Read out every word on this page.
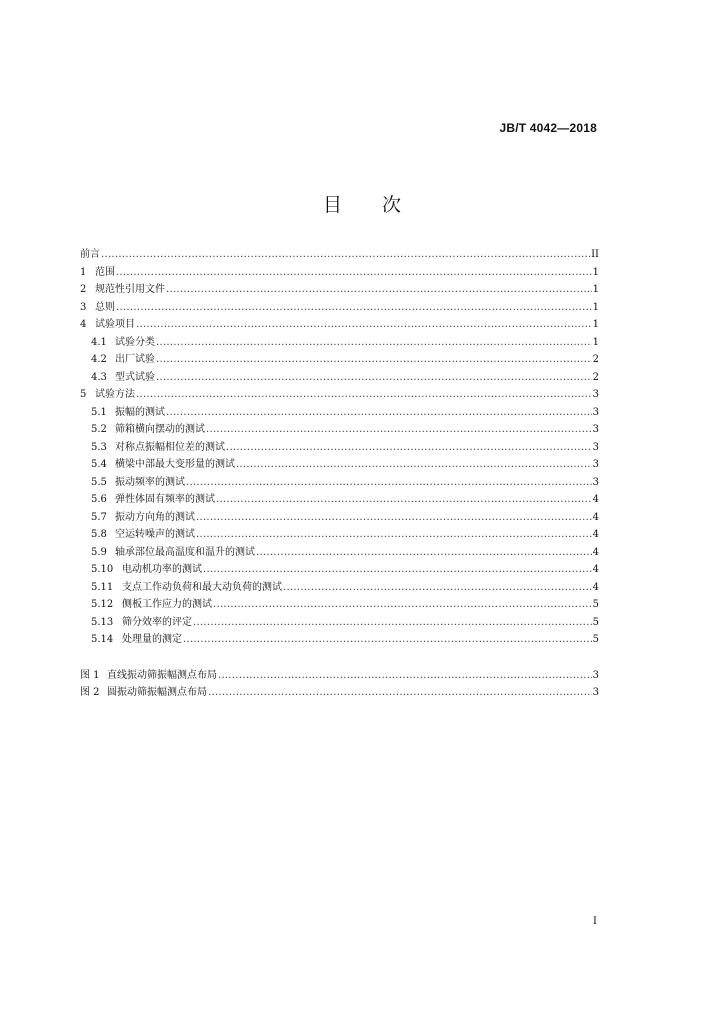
JB/T 4042—2018
目 次
前言 .....	II
1 范围 .....	1
2 规范性引用文件 .....	1
3 总则 .....	1
4 试验项目 .....	1
4.1 试验分类 .....	1
4.2 出厂试验 .....	2
4.3 型式试验 .....	2
5 试验方法 .....	3
5.1 振幅的测试 .....	3
5.2 筛箱横向摆动的测试 .....	3
5.3 对称点振幅相位差的测试 .....	3
5.4 横梁中部最大变形量的测试 .....	3
5.5 振动频率的测试 .....	3
5.6 弹性体固有频率的测试 .....	4
5.7 振动方向角的测试 .....	4
5.8 空运转噪声的测试 .....	4
5.9 轴承部位最高温度和温升的测试 .....	4
5.10 电动机功率的测试 .....	4
5.11 支点工作动负荷和最大动负荷的测试 .....	4
5.12 侧板工作应力的测试 .....	5
5.13 筛分效率的评定 .....	5
5.14 处理量的测定 .....	5
图 1 直线振动筛振幅测点布局 .....	3
图 2 圆振动筛振幅测点布局 .....	3
I
